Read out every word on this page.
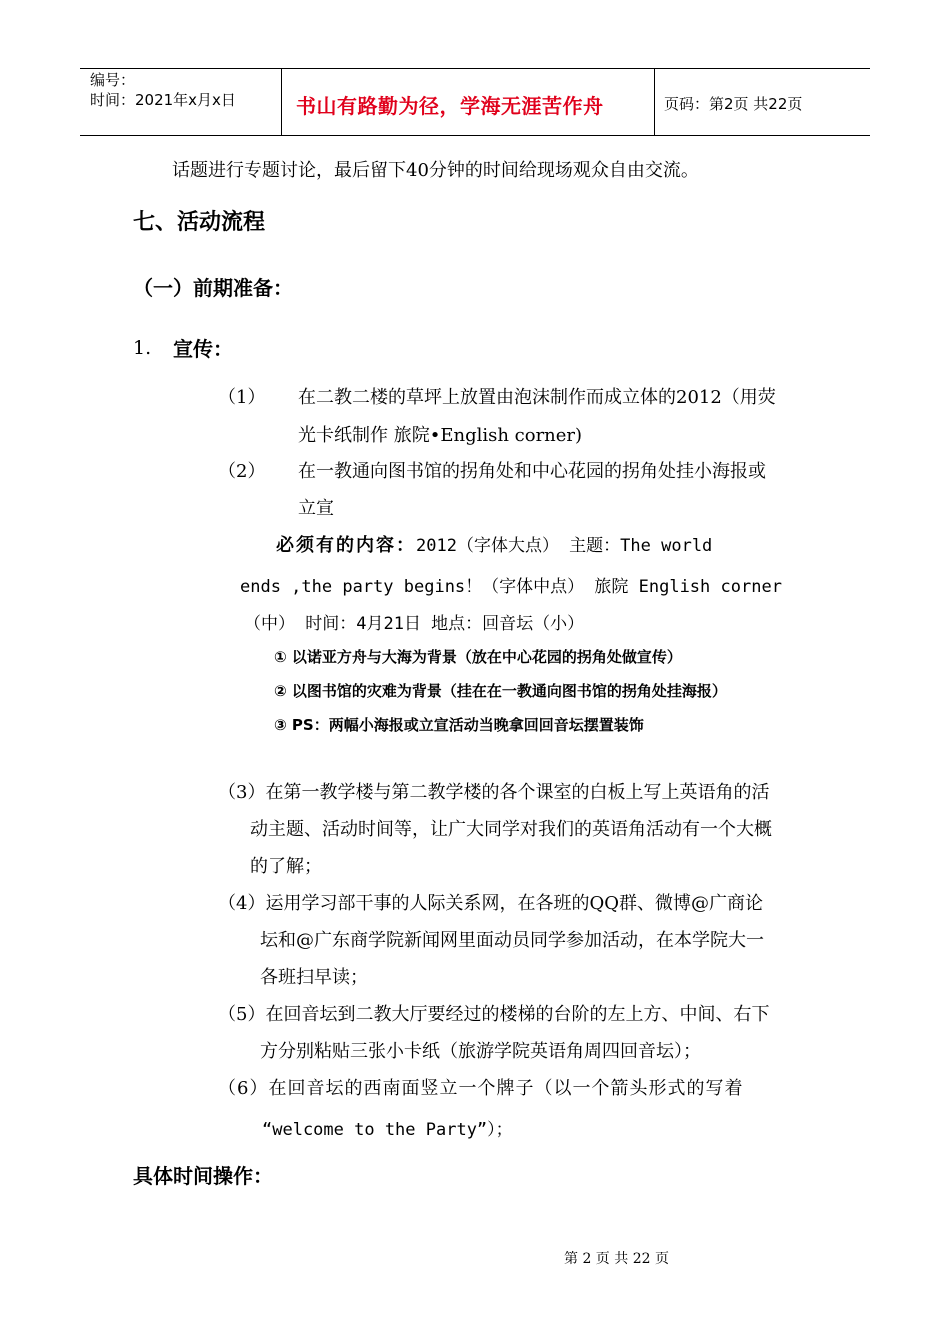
编号：
时间：2021年x月x日	书山有路勤为径，学海无涯苦作舟	页码：第2页 共22页
话题进行专题讨论，最后留下40分钟的时间给现场观众自由交流。
七、活动流程
（一）前期准备：
1. 宣传：
（1） 在二教二楼的草坪上放置由泡沫制作而成立体的2012（用荧
光卡纸制作 旅院•English corner)
（2） 在一教通向图书馆的拐角处和中心花园的拐角处挂小海报或
立宣
必须有的内容：2012（字体大点） 主题：The world
ends ,the party begins！（字体中点） 旅院 English corner
（中） 时间：4月21日 地点：回音坛（小）
① 以诺亚方舟与大海为背景（放在中心花园的拐角处做宣传）
② 以图书馆的灾难为背景（挂在在一教通向图书馆的拐角处挂海报）
③ PS：两幅小海报或立宣活动当晚拿回回音坛摆置装饰
（3）在第一教学楼与第二教学楼的各个课室的白板上写上英语角的活
动主题、活动时间等，让广大同学对我们的英语角活动有一个大概
的了解；
（4）运用学习部干事的人际关系网，在各班的QQ群、微博@广商论
坛和@广东商学院新闻网里面动员同学参加活动，在本学院大一
各班扫早读；
（5）在回音坛到二教大厅要经过的楼梯的台阶的左上方、中间、右下
方分别粘贴三张小卡纸（旅游学院英语角周四回音坛）；
（6）在回音坛的西南面竖立一个牌子（以一个箭头形式的写着
“welcome to the Party”）；
具体时间操作：
第 2 页 共 22 页
